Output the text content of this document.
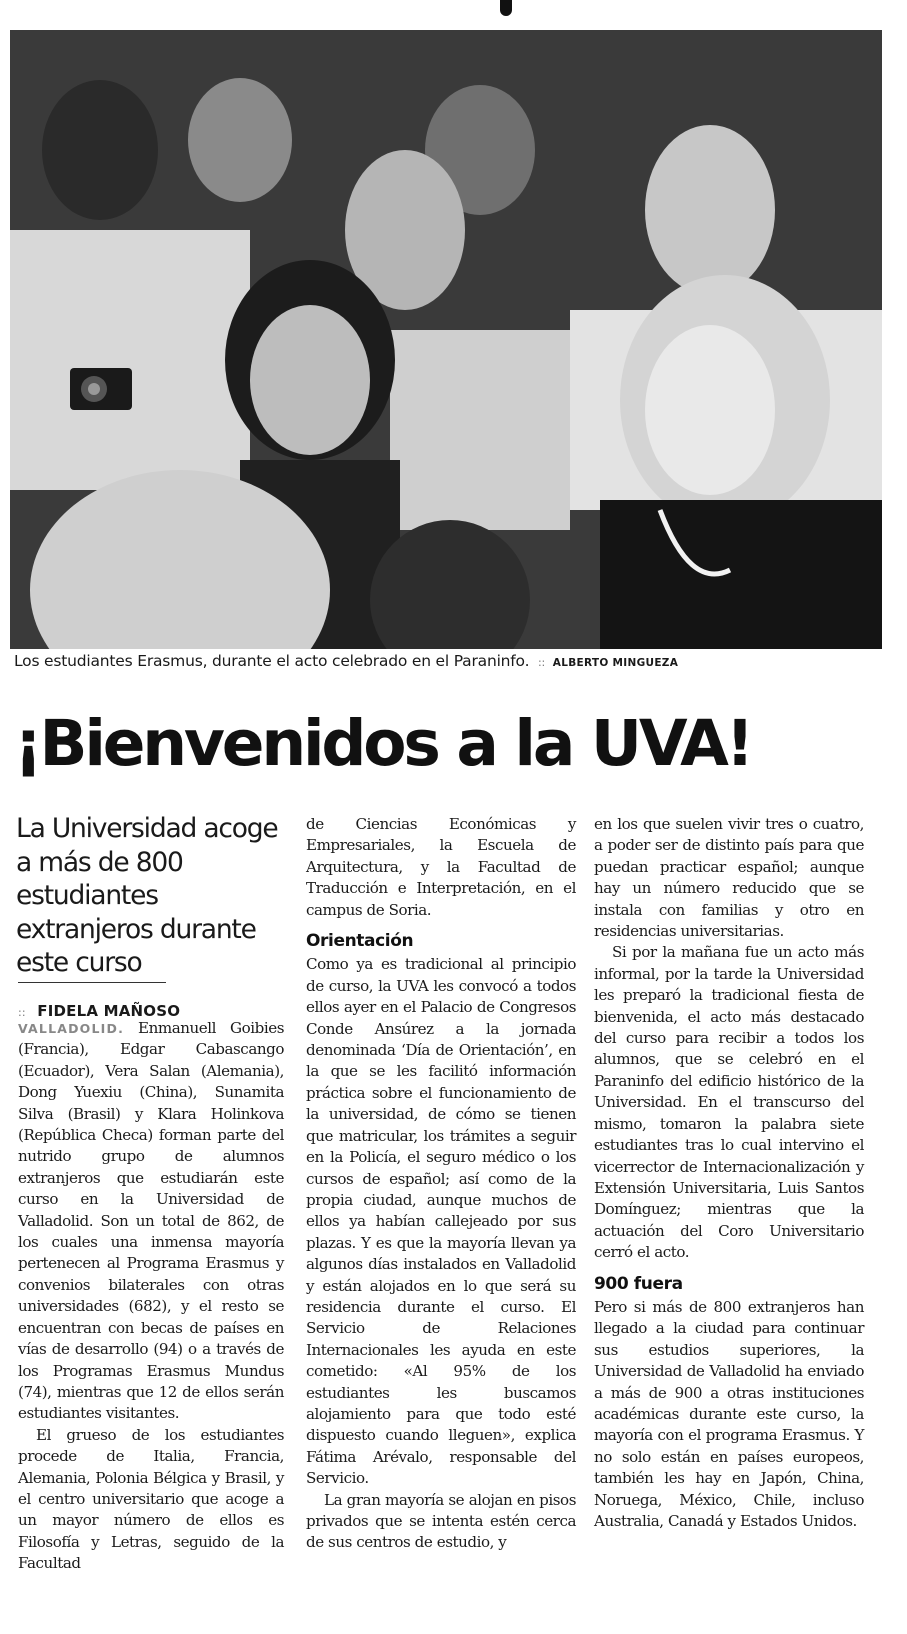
Los estudiantes Erasmus, durante el acto celebrado en el Paraninfo. :: ALBERTO MINGUEZA
¡Bienvenidos a la UVA!
La Universidad acoge a más de 800 estudiantes extranjeros durante este curso
:: FIDELA MAÑOSO

VALLADOLID. Enmanuell Goibies (Francia), Edgar Cabascango (Ecuador), Vera Salan (Alemania), Dong Yuexiu (China), Sunamita Silva (Brasil) y Klara Holinkova (República Checa) forman parte del nutrido grupo de alumnos extranjeros que estudiarán este curso en la Universidad de Valladolid. Son un total de 862, de los cuales una inmensa mayoría pertenecen al Programa Erasmus y convenios bilaterales con otras universidades (682), y el resto se encuentran con becas de países en vías de desarrollo (94) o a través de los Programas Erasmus Mundus (74), mientras que 12 de ellos serán estudiantes visitantes.

El grueso de los estudiantes procede de Italia, Francia, Alemania, Polonia Bélgica y Brasil, y el centro universitario que acoge a un mayor número de ellos es Filosofía y Letras, seguido de la Facultad

de Ciencias Económicas y Empresariales, la Escuela de Arquitectura, y la Facultad de Traducción e Interpretación, en el campus de Soria.

Orientación

Como ya es tradicional al principio de curso, la UVA les convocó a todos ellos ayer en el Palacio de Congresos Conde Ansúrez a la jornada denominada ‘Día de Orientación’, en la que se les facilitó información práctica sobre el funcionamiento de la universidad, de cómo se tienen que matricular, los trámites a seguir en la Policía, el seguro médico o los cursos de español; así como de la propia ciudad, aunque muchos de ellos ya habían callejeado por sus plazas. Y es que la mayoría llevan ya algunos días instalados en Valladolid y están alojados en lo que será su residencia durante el curso. El Servicio de Relaciones Internacionales les ayuda en este cometido: «Al 95% de los estudiantes les buscamos alojamiento para que todo esté dispuesto cuando lleguen», explica Fátima Arévalo, responsable del Servicio.

La gran mayoría se alojan en pisos privados que se intenta estén cerca de sus centros de estudio, y

en los que suelen vivir tres o cuatro, a poder ser de distinto país para que puedan practicar español; aunque hay un número reducido que se instala con familias y otro en residencias universitarias.

Si por la mañana fue un acto más informal, por la tarde la Universidad les preparó la tradicional fiesta de bienvenida, el acto más destacado del curso para recibir a todos los alumnos, que se celebró en el Paraninfo del edificio histórico de la Universidad. En el transcurso del mismo, tomaron la palabra siete estudiantes tras lo cual intervino el vicerrector de Internacionalización y Extensión Universitaria, Luis Santos Domínguez; mientras que la actuación del Coro Universitario cerró el acto.

900 fuera

Pero si más de 800 extranjeros han llegado a la ciudad para continuar sus estudios superiores, la Universidad de Valladolid ha enviado a más de 900 a otras instituciones académicas durante este curso, la mayoría con el programa Erasmus. Y no solo están en países europeos, también les hay en Japón, China, Noruega, México, Chile, incluso Australia, Canadá y Estados Unidos.
